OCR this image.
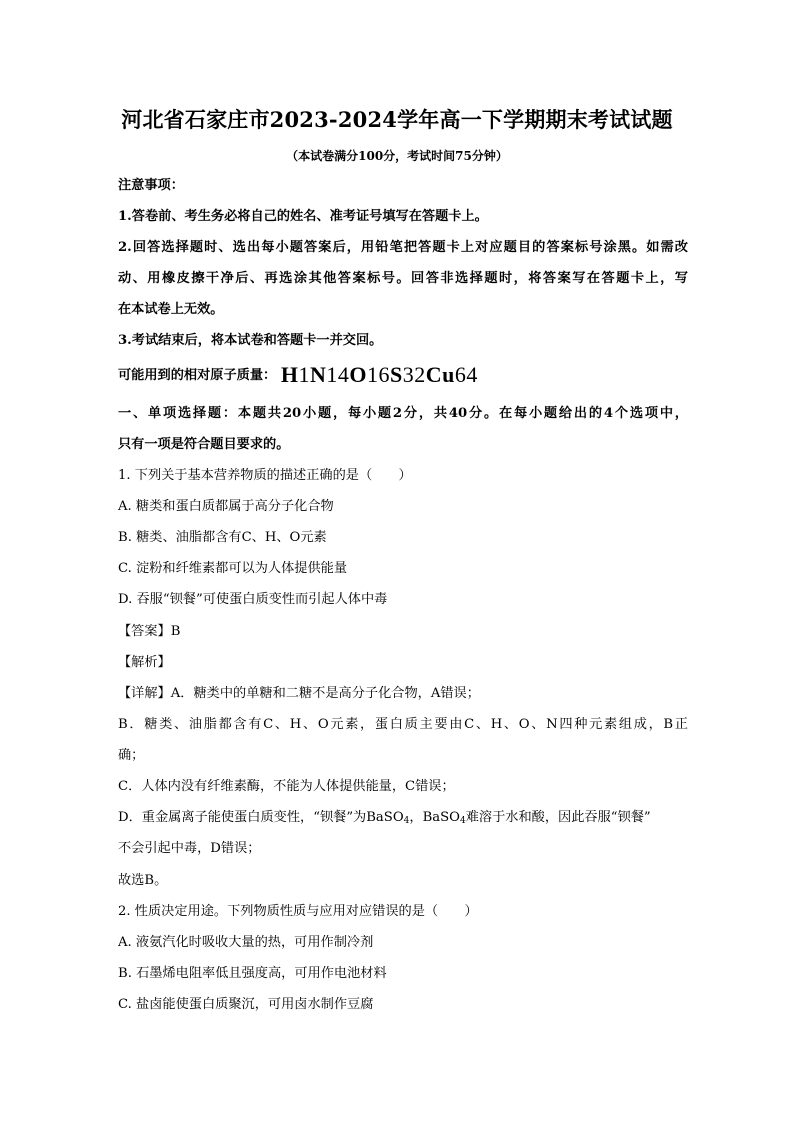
河北省石家庄市2023-2024学年高一下学期期末考试试题
（本试卷满分100分，考试时间75分钟）
注意事项：
1.答卷前、考生务必将自己的姓名、准考证号填写在答题卡上。
2.回答选择题时、选出每小题答案后，用铅笔把答题卡上对应题目的答案标号涂黑。如需改
动、用橡皮擦干净后、再选涂其他答案标号。回答非选择题时，将答案写在答题卡上，写
在本试卷上无效。
3.考试结束后，将本试卷和答题卡一并交回。
可能用到的相对原子质量： H1N14O16S32Cu64
一、单项选择题：本题共20小题，每小题2分，共40分。在每小题给出的4个选项中，
只有一项是符合题目要求的。
1. 下列关于基本营养物质的描述正确的是（　　）
A. 糖类和蛋白质都属于高分子化合物
B. 糖类、油脂都含有C、H、O元素
C. 淀粉和纤维素都可以为人体提供能量
D. 吞服“钡餐”可使蛋白质变性而引起人体中毒
【答案】B
【解析】
【详解】A．糖类中的单糖和二糖不是高分子化合物，A错误；
B．糖类、油脂都含有C、H、O元素，蛋白质主要由C、H、O、N四种元素组成，B正
确；
C．人体内没有纤维素酶，不能为人体提供能量，C错误；
D．重金属离子能使蛋白质变性，“钡餐”为BaSO$_4$，BaSO$_4$难溶于水和酸，因此吞服“钡餐”
不会引起中毒，D错误；
故选B。
2. 性质决定用途。下列物质性质与应用对应错误的是（　　）
A. 液氨汽化时吸收大量的热，可用作制冷剂
B. 石墨烯电阻率低且强度高，可用作电池材料
C. 盐卤能使蛋白质聚沉，可用卤水制作豆腐
